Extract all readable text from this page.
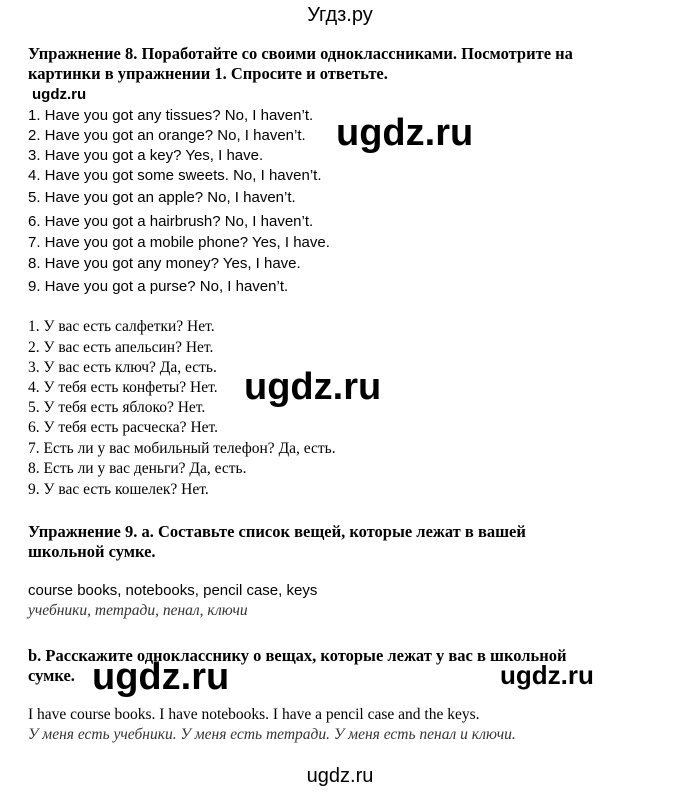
Угдз.ру
Упражнение 8. Поработайте со своими одноклассниками. Посмотрите на
картинки в упражнении 1. Спросите и ответьте.
ugdz.ru
1. Have you got any tissues? No, I haven’t.
2. Have you got an orange? No, I haven’t.
3. Have you got a key? Yes, I have.
4. Have you got some sweets. No, I haven’t.
5. Have you got an apple? No, I haven’t.
6. Have you got a hairbrush? No, I haven’t.
7. Have you got a mobile phone? Yes, I have.
8. Have you got any money? Yes, I have.
9. Have you got a purse? No, I haven’t.
1. У вас есть салфетки? Нет.
2. У вас есть апельсин? Нет.
3. У вас есть ключ? Да, есть.
4. У тебя есть конфеты? Нет.
5. У тебя есть яблоко? Нет.
6. У тебя есть расческа? Нет.
7. Есть ли у вас мобильный телефон? Да, есть.
8. Есть ли у вас деньги? Да, есть.
9. У вас есть кошелек? Нет.
Упражнение 9. a. Составьте список вещей, которые лежат в вашей
школьной сумке.
course books, notebooks, pencil case, keys
учебники, тетради, пенал, ключи
b. Расскажите однокласснику о вещах, которые лежат у вас в школьной
сумке.
I have course books. I have notebooks. I have a pencil case and the keys.
У меня есть учебники. У меня есть тетради. У меня есть пенал и ключи.
ugdz.ru
ugdz.ru
ugdz.ru	ugdz.ru
ugdz.ru
